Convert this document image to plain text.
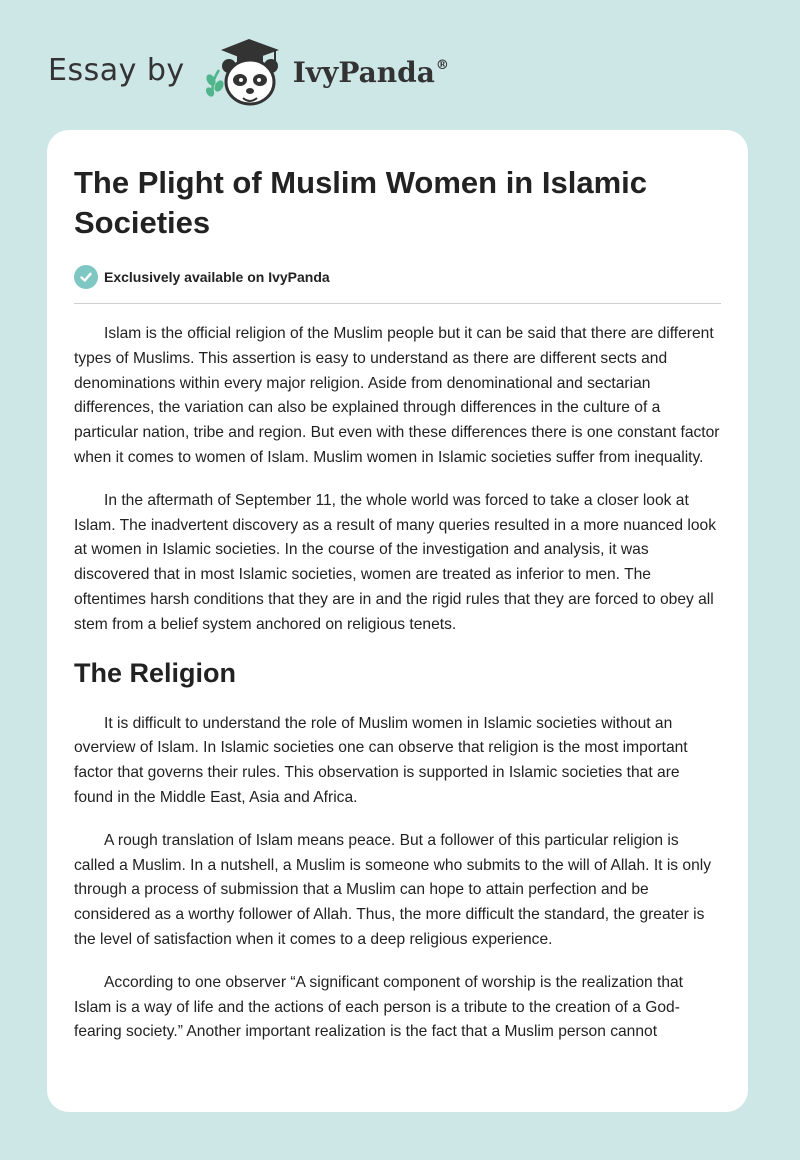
Essay by	IvyPanda®
The Plight of Muslim Women in Islamic Societies
Exclusively available on IvyPanda

Islam is the official religion of the Muslim people but it can be said that there are different types of Muslims. This assertion is easy to understand as there are different sects and denominations within every major religion. Aside from denominational and sectarian differences, the variation can also be explained through differences in the culture of a particular nation, tribe and region. But even with these differences there is one constant factor when it comes to women of Islam. Muslim women in Islamic societies suffer from inequality.

In the aftermath of September 11, the whole world was forced to take a closer look at Islam. The inadvertent discovery as a result of many queries resulted in a more nuanced look at women in Islamic societies. In the course of the investigation and analysis, it was discovered that in most Islamic societies, women are treated as inferior to men. The oftentimes harsh conditions that they are in and the rigid rules that they are forced to obey all stem from a belief system anchored on religious tenets.

The Religion

It is difficult to understand the role of Muslim women in Islamic societies without an overview of Islam. In Islamic societies one can observe that religion is the most important factor that governs their rules. This observation is supported in Islamic societies that are found in the Middle East, Asia and Africa.

A rough translation of Islam means peace. But a follower of this particular religion is called a Muslim. In a nutshell, a Muslim is someone who submits to the will of Allah. It is only through a process of submission that a Muslim can hope to attain perfection and be considered as a worthy follower of Allah. Thus, the more difficult the standard, the greater is the level of satisfaction when it comes to a deep religious experience.

According to one observer “A significant component of worship is the realization that Islam is a way of life and the actions of each person is a tribute to the creation of a God-fearing society.” Another important realization is the fact that a Muslim person cannot
